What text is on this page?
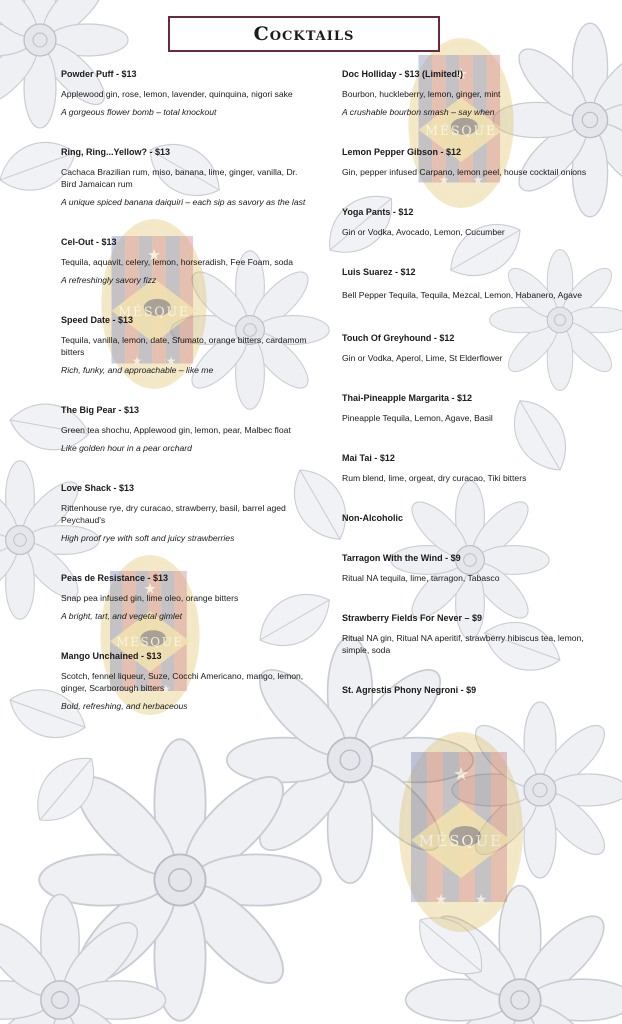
Cocktails
Powder Puff - $13
Applewood gin, rose, lemon, lavender, quinquina, nigori sake
A gorgeous flower bomb – total knockout
Ring, Ring...Yellow? - $13
Cachaca Brazilian rum, miso, banana, lime, ginger, vanilla, Dr. Bird Jamaican rum
A unique spiced banana daiquiri – each sip as savory as the last
Cel-Out - $13
Tequila, aquavit, celery, lemon, horseradish, Fee Foam, soda
A refreshingly savory fizz
Speed Date - $13
Tequila, vanilla, lemon, date, Sfumato, orange bitters, cardamom bitters
Rich, funky, and approachable – like me
The Big Pear - $13
Green tea shochu, Applewood gin, lemon, pear, Malbec float
Like golden hour in a pear orchard
Love Shack - $13
Rittenhouse rye, dry curacao, strawberry, basil, barrel aged Peychaud's
High proof rye with soft and juicy strawberries
Peas de Resistance - $13
Snap pea infused gin, lime oleo, orange bitters
A bright, tart, and vegetal gimlet
Mango Unchained - $13
Scotch, fennel liqueur, Suze, Cocchi Americano, mango, lemon, ginger, Scarborough bitters
Bold, refreshing, and herbaceous
Doc Holliday - $13 (Limited!)
Bourbon, huckleberry, lemon, ginger, mint
A crushable bourbon smash – say when
Lemon Pepper Gibson - $12
Gin, pepper infused Carpano, lemon peel, house cocktail onions
Yoga Pants - $12
Gin or Vodka, Avocado, Lemon, Cucumber
Luis Suarez - $12
Bell Pepper Tequila, Tequila, Mezcal, Lemon, Habanero, Agave
Touch Of Greyhound - $12
Gin or Vodka, Aperol, Lime, St Elderflower
Thai-Pineapple Margarita - $12
Pineapple Tequila, Lemon, Agave, Basil
Mai Tai - $12
Rum blend, lime, orgeat, dry curacao, Tiki bitters
Non-Alcoholic
Tarragon With the Wind - $9
Ritual NA tequila, lime, tarragon, Tabasco
Strawberry Fields For Never – $9
Ritual NA gin, Ritual NA aperitif, strawberry hibiscus tea, lemon, simple, soda
St. Agrestis Phony Negroni - $9
